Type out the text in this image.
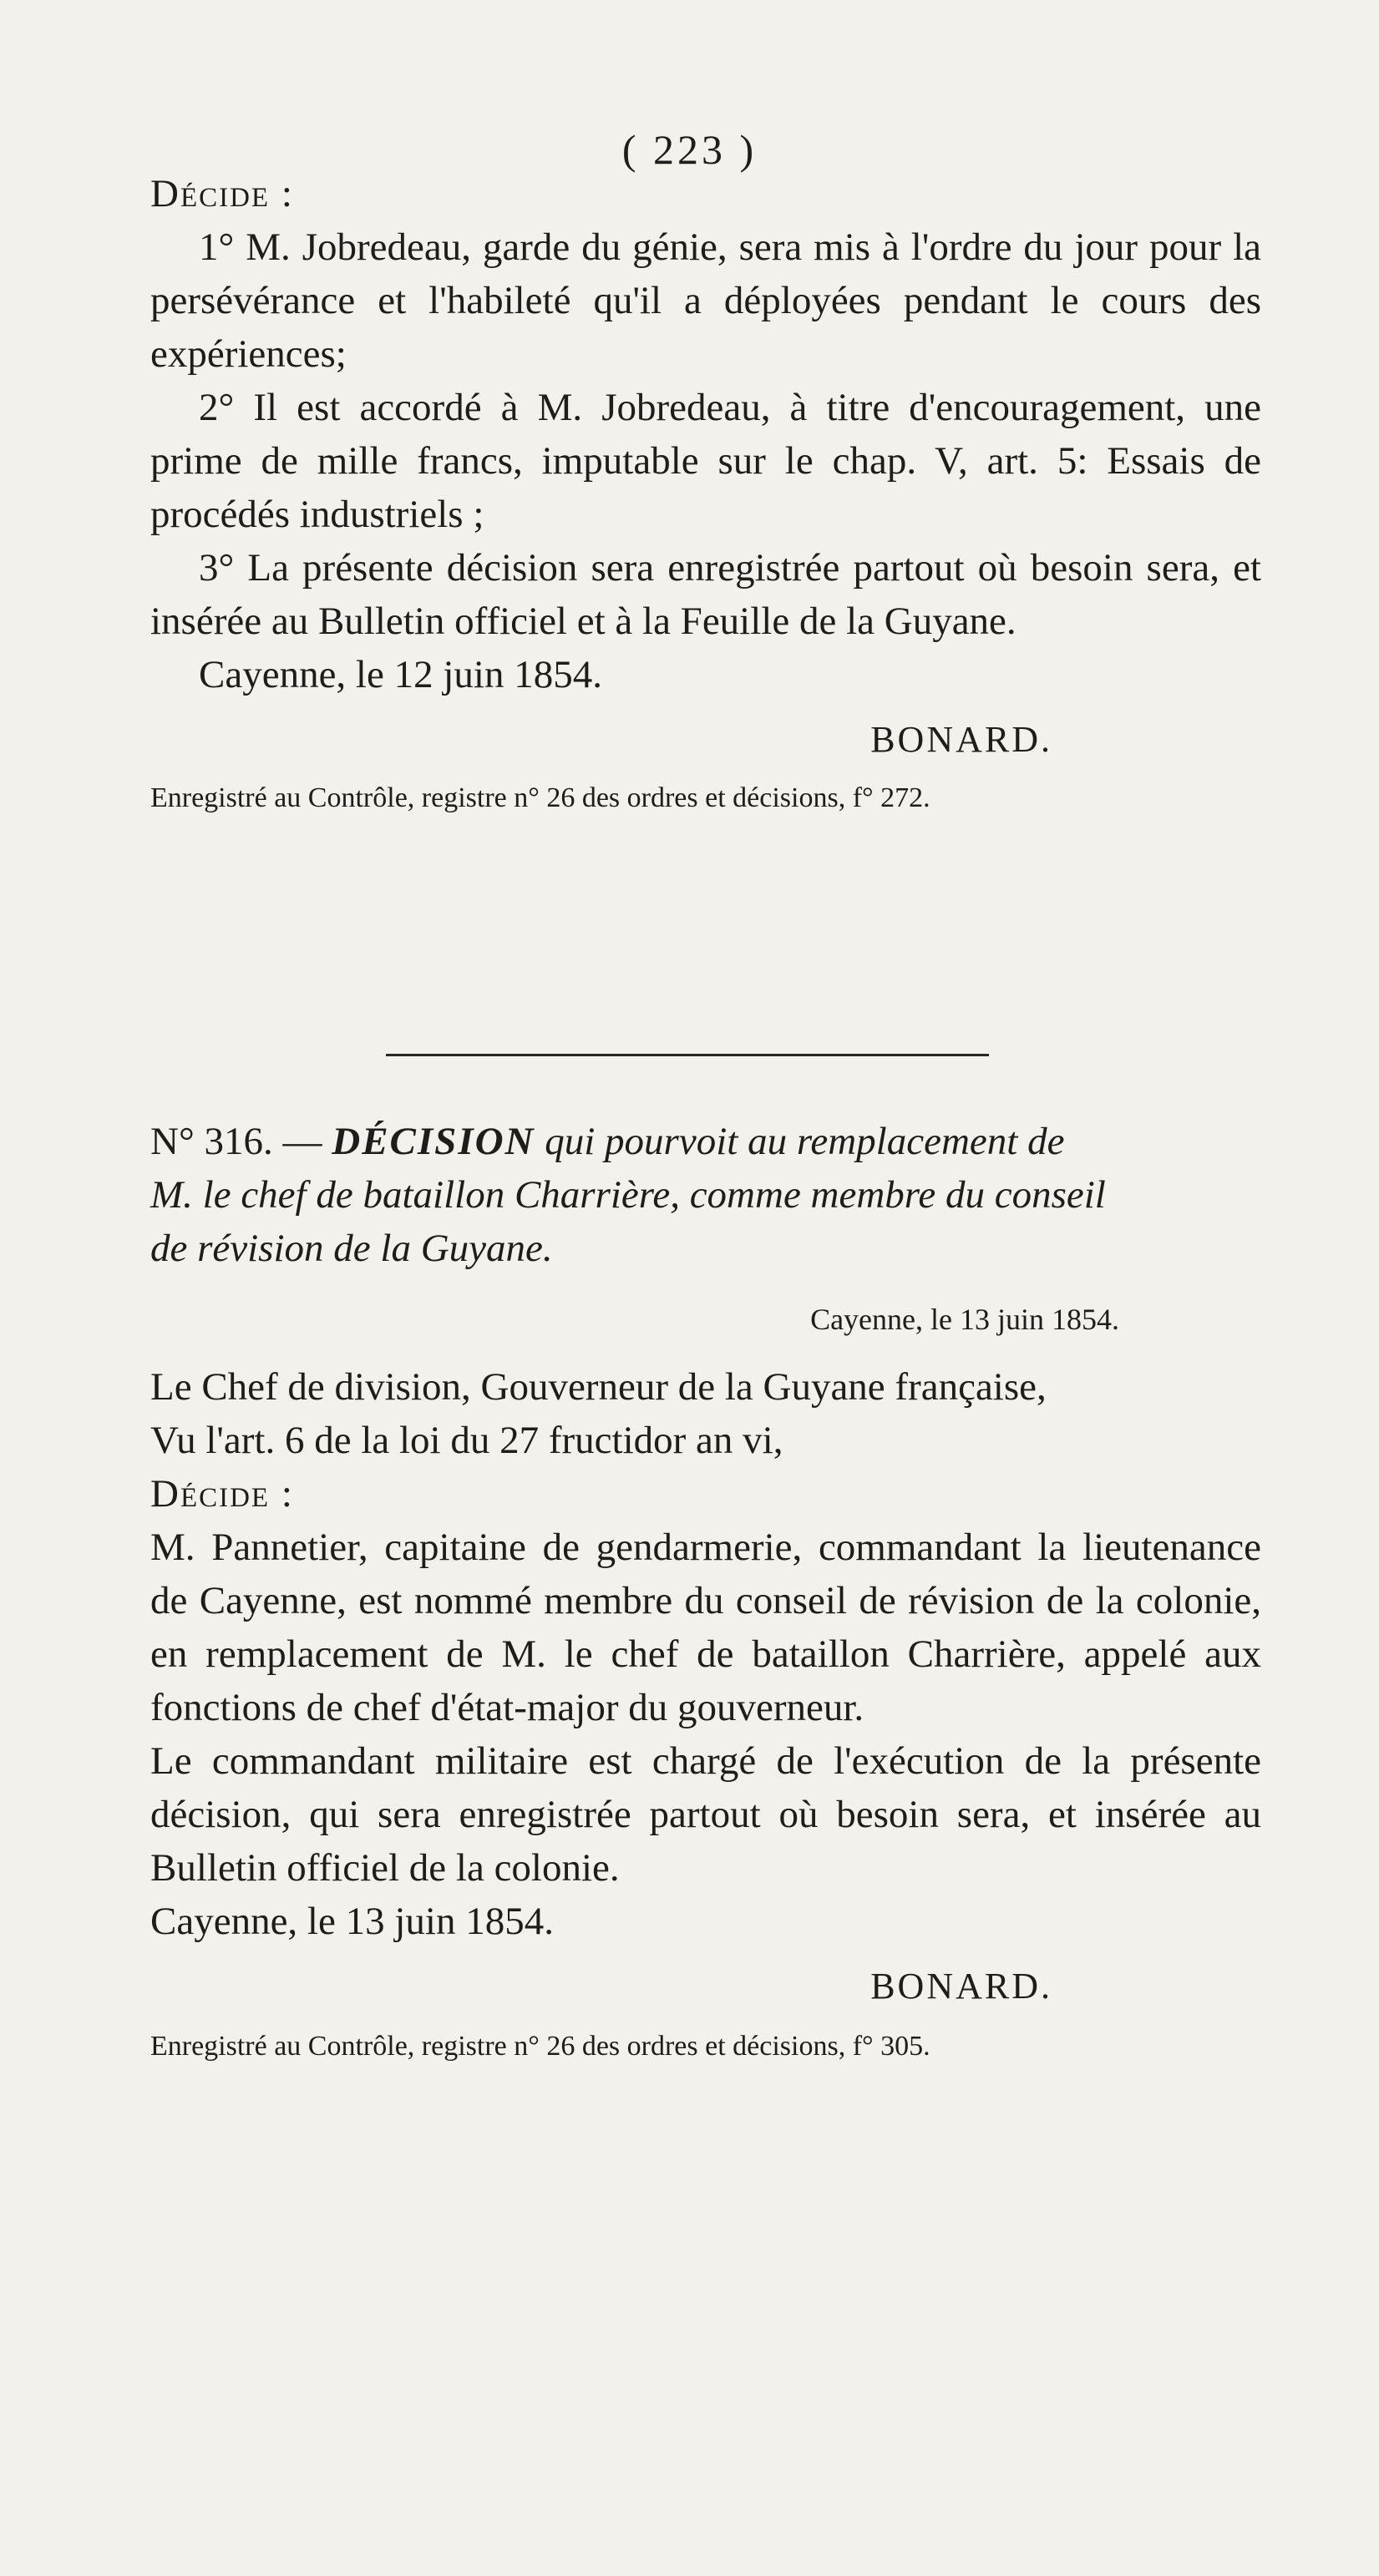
( 223 )

Décide :

1° M. Jobredeau, garde du génie, sera mis à l'ordre du jour pour la persévérance et l'habileté qu'il a déployées pendant le cours des expériences;

2° Il est accordé à M. Jobredeau, à titre d'encouragement, une prime de mille francs, imputable sur le chap. V, art. 5: Essais de procédés industriels ;

3° La présente décision sera enregistrée partout où besoin sera, et insérée au Bulletin officiel et à la Feuille de la Guyane.

Cayenne, le 12 juin 1854.

BONARD.

Enregistré au Contrôle, registre n° 26 des ordres et décisions, f° 272.

N° 316. — DÉCISION qui pourvoit au remplacement de

M. le chef de bataillon Charrière, comme membre du conseil

de révision de la Guyane.

Cayenne, le 13 juin 1854.

Le Chef de division, Gouverneur de la Guyane française,

Vu l'art. 6 de la loi du 27 fructidor an vi,

Décide :

M. Pannetier, capitaine de gendarmerie, commandant la lieutenance de Cayenne, est nommé membre du conseil de révision de la colonie, en remplacement de M. le chef de bataillon Charrière, appelé aux fonctions de chef d'état-major du gouverneur.

Le commandant militaire est chargé de l'exécution de la présente décision, qui sera enregistrée partout où besoin sera, et insérée au Bulletin officiel de la colonie.

Cayenne, le 13 juin 1854.

BONARD.

Enregistré au Contrôle, registre n° 26 des ordres et décisions, f° 305.
